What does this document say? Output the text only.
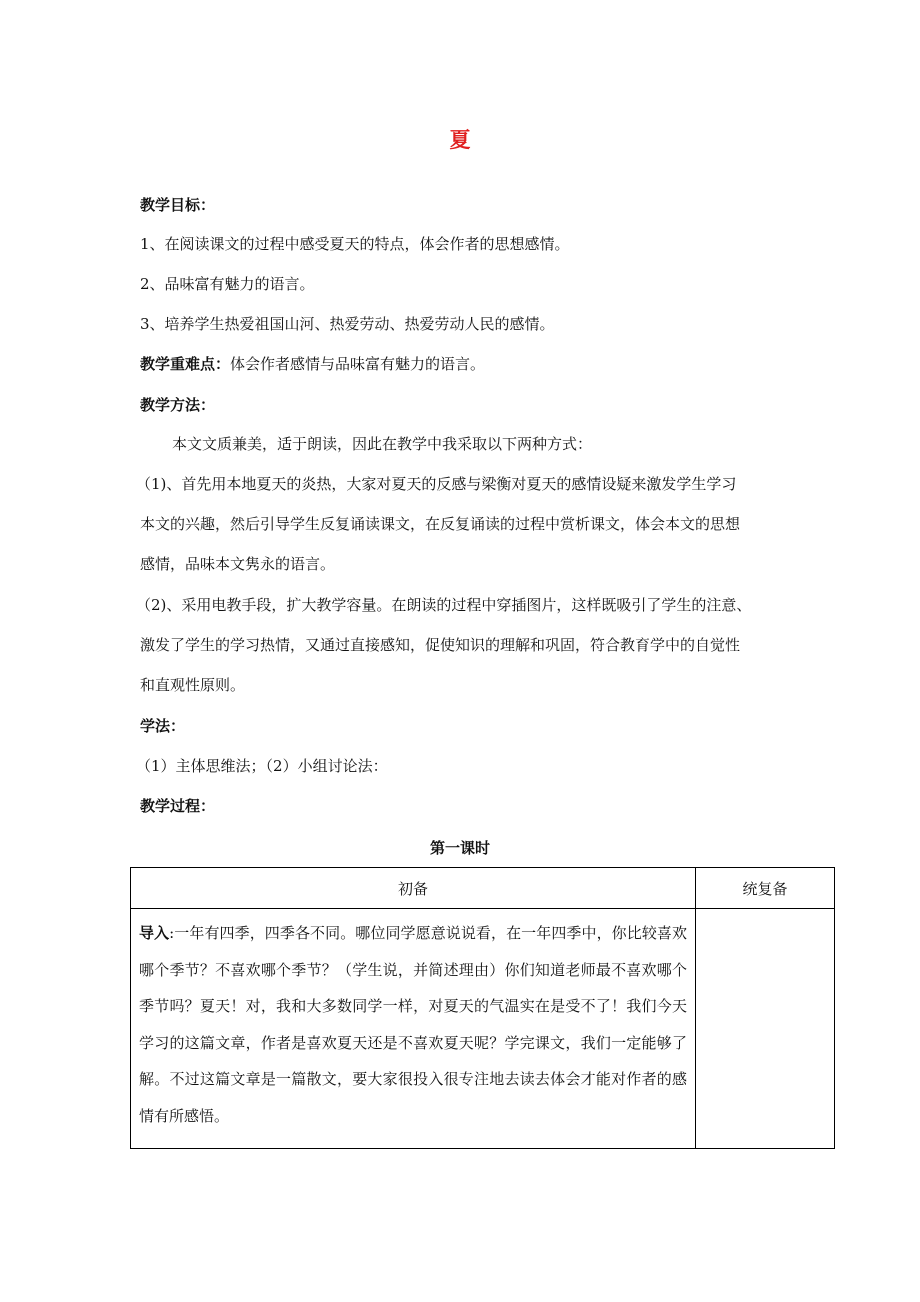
夏
教学目标：
1、在阅读课文的过程中感受夏天的特点，体会作者的思想感情。
2、品味富有魅力的语言。
3、培养学生热爱祖国山河、热爱劳动、热爱劳动人民的感情。
教学重难点：体会作者感情与品味富有魅力的语言。
教学方法：
本文文质兼美，适于朗读，因此在教学中我采取以下两种方式：
（1)、首先用本地夏天的炎热，大家对夏天的反感与梁衡对夏天的感情设疑来激发学生学习
本文的兴趣，然后引导学生反复诵读课文，在反复诵读的过程中赏析课文，体会本文的思想
感情，品味本文隽永的语言。
（2)、采用电教手段，扩大教学容量。在朗读的过程中穿插图片，这样既吸引了学生的注意、
激发了学生的学习热情，又通过直接感知，促使知识的理解和巩固，符合教育学中的自觉性
和直观性原则。
学法：
（1）主体思维法；（2）小组讨论法：
教学过程：
第一课时
初备	统复备
导入:一年有四季，四季各不同。哪位同学愿意说说看，在一年四季中，你比较喜欢哪个季节？不喜欢哪个季节？（学生说，并简述理由）你们知道老师最不喜欢哪个季节吗？夏天！对，我和大多数同学一样，对夏天的气温实在是受不了！我们今天学习的这篇文章，作者是喜欢夏天还是不喜欢夏天呢？学完课文，我们一定能够了解。不过这篇文章是一篇散文，要大家很投入很专注地去读去体会才能对作者的感情有所感悟。	
